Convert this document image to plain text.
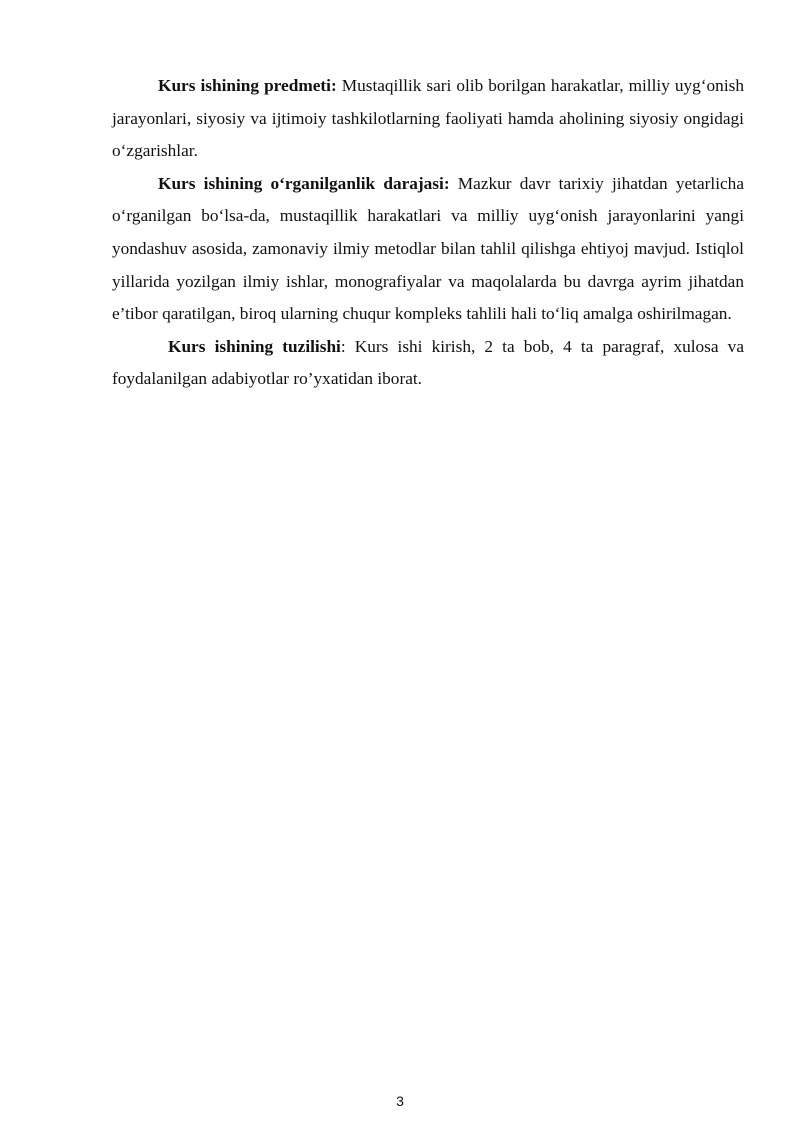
Kurs ishining predmeti: Mustaqillik sari olib borilgan harakatlar, milliy uyg‘onish jarayonlari, siyosiy va ijtimoiy tashkilotlarning faoliyati hamda aholining siyosiy ongidagi o‘zgarishlar.

Kurs ishining o‘rganilganlik darajasi: Mazkur davr tarixiy jihatdan yetarlicha o‘rganilgan bo‘lsa-da, mustaqillik harakatlari va milliy uyg‘onish jarayonlarini yangi yondashuv asosida, zamonaviy ilmiy metodlar bilan tahlil qilishga ehtiyoj mavjud. Istiqlol yillarida yozilgan ilmiy ishlar, monografiyalar va maqolalarda bu davrga ayrim jihatdan e’tibor qaratilgan, biroq ularning chuqur kompleks tahlili hali to‘liq amalga oshirilmagan.

Kurs ishining tuzilishi: Kurs ishi kirish, 2 ta bob, 4 ta paragraf, xulosa va foydalanilgan adabiyotlar ro’yxatidan iborat.

3
